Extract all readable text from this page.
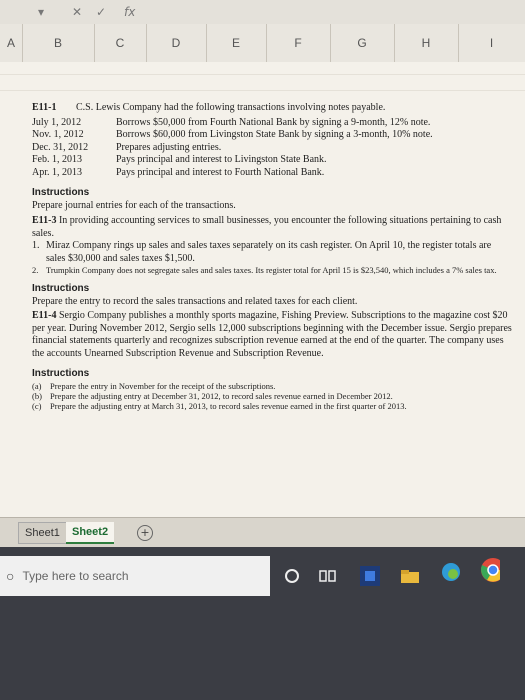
▾ ✕ ✓ fx
A	B	C	D	E	F	G	H	I
E11-1	C.S. Lewis Company had the following transactions involving notes payable.
July 1, 2012	Borrows $50,000 from Fourth National Bank by signing a 9-month, 12% note.
Nov. 1, 2012	Borrows $60,000 from Livingston State Bank by signing a 3-month, 10% note.
Dec. 31, 2012	Prepares adjusting entries.
Feb. 1, 2013	Pays principal and interest to Livingston State Bank.
Apr. 1, 2013	Pays principal and interest to Fourth National Bank.
Instructions

Prepare journal entries for each of the transactions.

E11-3 In providing accounting services to small businesses, you encounter the following situations pertaining to cash sales.
1. Miraz Company rings up sales and sales taxes separately on its cash register. On April 10, the register totals are sales $30,000 and sales taxes $1,500.
2. Trumpkin Company does not segregate sales and sales taxes. Its register total for April 15 is $23,540, which includes a 7% sales tax.
Instructions

Prepare the entry to record the sales transactions and related taxes for each client.

E11-4 Sergio Company publishes a monthly sports magazine, Fishing Preview. Subscriptions to the magazine cost $20 per year. During November 2012, Sergio sells 12,000 subscriptions beginning with the December issue. Sergio prepares financial statements quarterly and recognizes subscription revenue earned at the end of the quarter. The company uses the accounts Unearned Subscription Revenue and Subscription Revenue.
Instructions
(a)	Prepare the entry in November for the receipt of the subscriptions.
(b) Prepare the adjusting entry at December 31, 2012, to record sales revenue earned in December 2012.
(c)	Prepare the adjusting entry at March 31, 2013, to record sales revenue earned in the first quarter of 2013.
Sheet1	Sheet2	+
○ Type here to search
